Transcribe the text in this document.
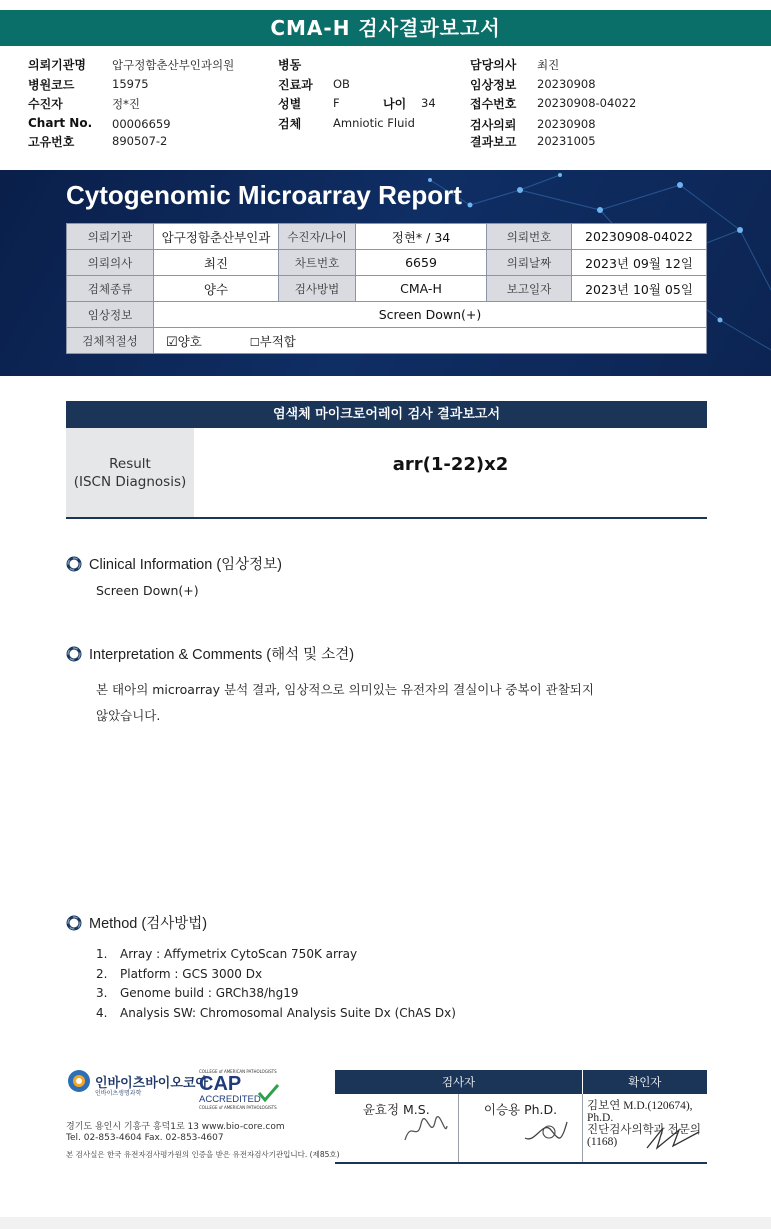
CMA-H 검사결과보고서
의뢰기관명 압구정함춘산부인과의원	병동	담당의사 최진
병원코드	15975	진료과 OB	임상정보 20230908
수진자	정*진	성별	F	나이 34	접수번호 20230908-04022
Chart No. 00006659	검체	Amniotic Fluid	검사의뢰 20230908
고유번호	890507-2	결과보고 20231005
Cytogenomic Microarray Report
의뢰기관	압구정함춘산부인과	수진자/나이	정현* / 34	의뢰번호	20230908-04022
의뢰의사	최진	차트번호	6659	의뢰날짜	2023년 09월 12일
검체종류	양수	검사방법	CMA-H	보고일자	2023년 10월 05일
임상정보	Screen Down(+)				
검체적절성	☑양호 ☐부적합				
염색체 마이크로어레이 검사 결과보고서
Result
(ISCN Diagnosis)
arr(1-22)x2
Clinical Information (임상정보)
Screen Down(+)
Interpretation & Comments (해석 및 소견)
본 태아의 microarray 분석 결과, 임상적으로 의미있는 유전자의 결실이나 중복이 관찰되지
않았습니다.
Method (검사방법)
1. Array : Affymetrix CytoScan 750K array
2. Platform : GCS 3000 Dx
3. Genome build : GRCh38/hg19
4. Analysis SW: Chromosomal Analysis Suite Dx (ChAS Dx)
인바이츠바이오코아
인바이츠생명과학
COLLEGE of AMERICAN PATHOLOGISTS
CAP
ACCREDITED
COLLEGE of AMERICAN PATHOLOGISTS
경기도 용인시 기흥구 흥덕1로 13 www.bio-core.com
Tel. 02-853-4604 Fax. 02-853-4607
본 검사실은 한국 유전자검사평가원의 인증을 받은 유전자검사기관입니다. (제85호)
검사자		확인자
윤효정 M.S.	이승용 Ph.D.	김보연 M.D.(120674), Ph.D.
진단검사의학과 전문의(1168)
